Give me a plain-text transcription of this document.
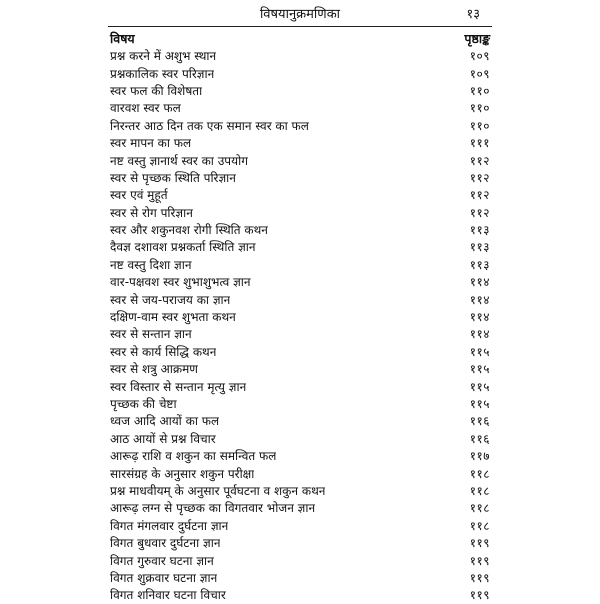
विषयानुक्रमणिका	१३
विषय	पृष्ठाङ्क
प्रश्न करने में अशुभ स्थान	१०९
प्रश्नकालिक स्वर परिज्ञान	१०९
स्वर फल की विशेषता	११०
वारवश स्वर फल	११०
निरन्तर आठ दिन तक एक समान स्वर का फल	११०
स्वर मापन का फल	१११
नष्ट वस्तु ज्ञानार्थ स्वर का उपयोग	११२
स्वर से पृच्छक स्थिति परिज्ञान	११२
स्वर एवं मुहूर्त	११२
स्वर से रोग परिज्ञान	११२
स्वर और शकुनवश रोगी स्थिति कथन	११३
दैवज्ञ दशावश प्रश्नकर्ता स्थिति ज्ञान	११३
नष्ट वस्तु दिशा ज्ञान	११३
वार-पक्षवश स्वर शुभाशुभत्व ज्ञान	११४
स्वर से जय-पराजय का ज्ञान	११४
दक्षिण-वाम स्वर शुभता कथन	११४
स्वर से सन्तान ज्ञान	११४
स्वर से कार्य सिद्धि कथन	११५
स्वर से शत्रु आक्रमण	११५
स्वर विस्तार से सन्तान मृत्यु ज्ञान	११५
पृच्छक की चेष्टा	११५
ध्वज आदि आयों का फल	११६
आठ आयों से प्रश्न विचार	११६
आरूढ़ राशि व शकुन का समन्वित फल	११७
सारसंग्रह के अनुसार शकुन परीक्षा	११८
प्रश्न माधवीयम् के अनुसार पूर्वघटना व शकुन कथन	११८
आरूढ़ लग्न से पृच्छक का विगतवार भोजन ज्ञान	११८
विगत मंगलवार दुर्घटना ज्ञान	११८
विगत बुधवार दुर्घटना ज्ञान	११९
विगत गुरुवार घटना ज्ञान	११९
विगत शुक्रवार घटना ज्ञान	११९
विगत शनिवार घटना विचार	११९
